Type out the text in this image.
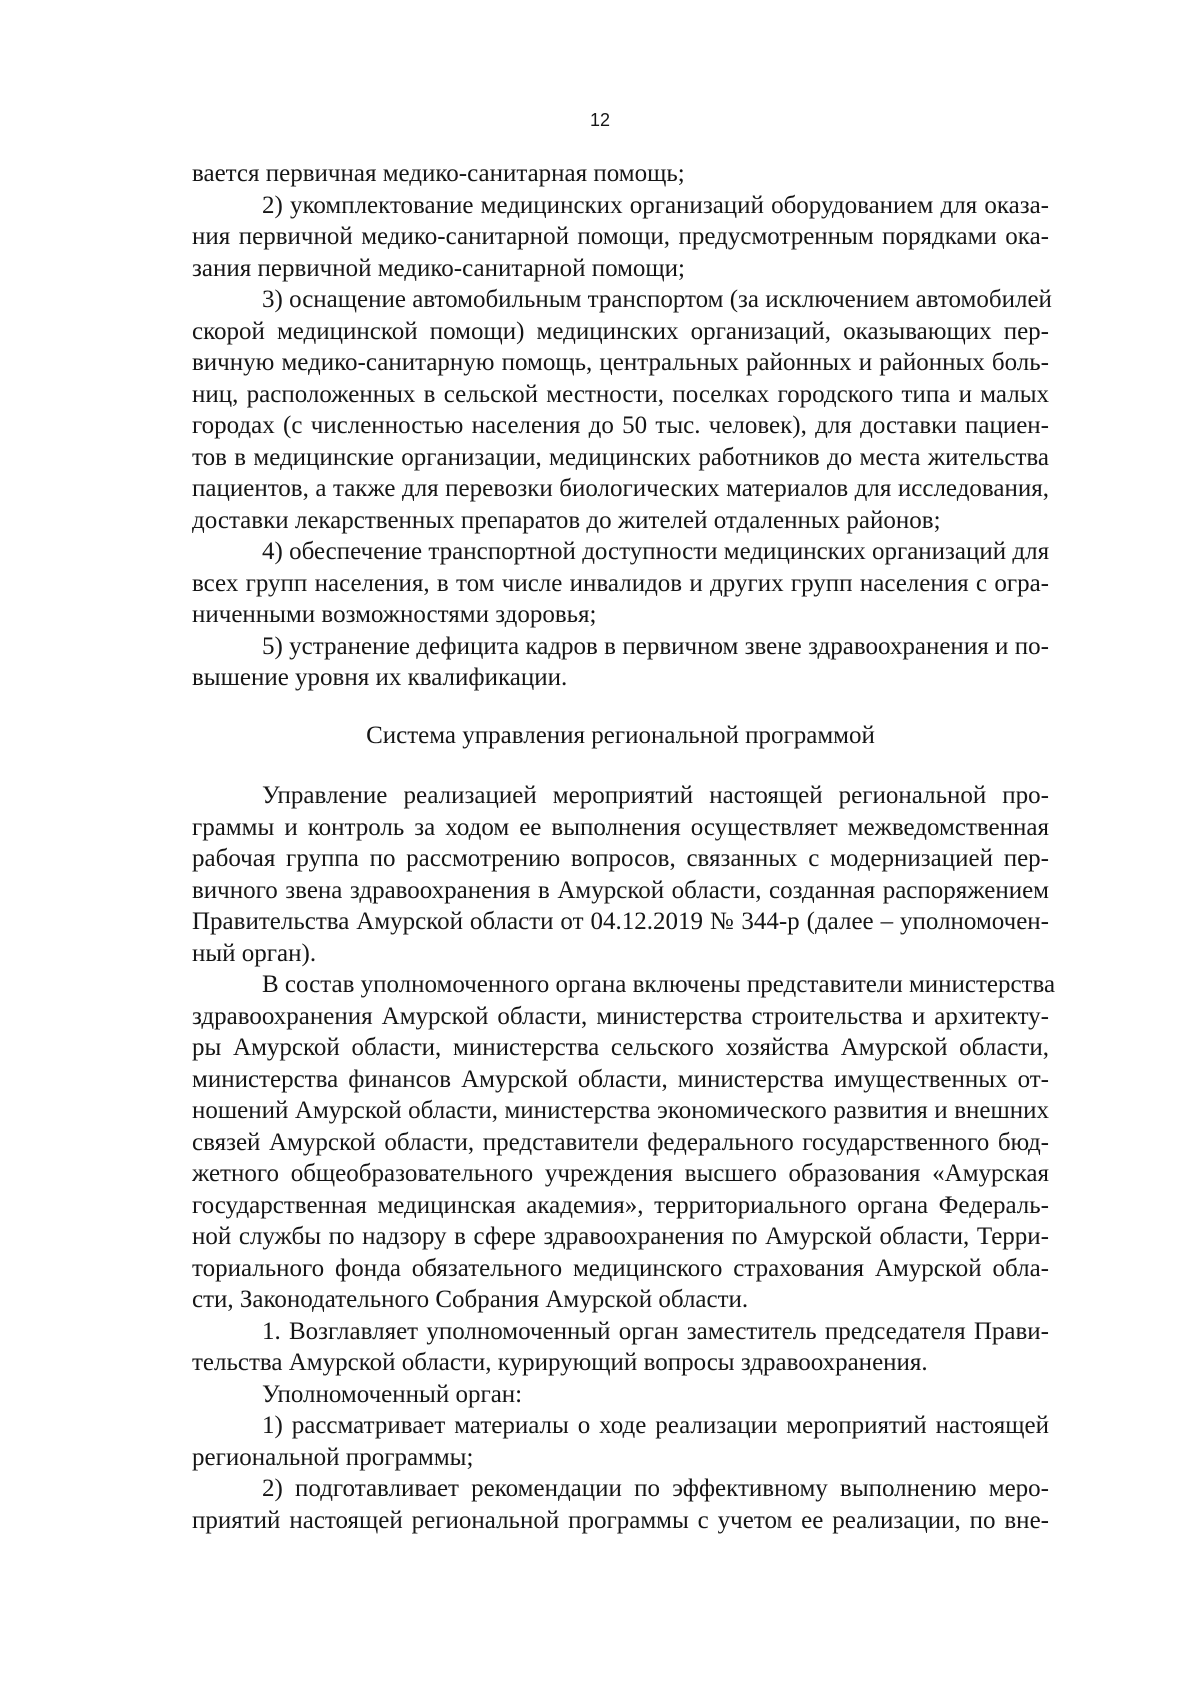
12
вается первичная медико-санитарная помощь;
2) укомплектование медицинских организаций оборудованием для оказа-
ния первичной медико-санитарной помощи, предусмотренным порядками ока-
зания первичной медико-санитарной помощи;
3) оснащение автомобильным транспортом (за исключением автомобилей
скорой медицинской помощи) медицинских организаций, оказывающих пер-
вичную медико-санитарную помощь, центральных районных и районных боль-
ниц, расположенных в сельской местности, поселках городского типа и малых
городах (с численностью населения до 50 тыс. человек), для доставки пациен-
тов в медицинские организации, медицинских работников до места жительства
пациентов, а также для перевозки биологических материалов для исследования,
доставки лекарственных препаратов до жителей отдаленных районов;
4) обеспечение транспортной доступности медицинских организаций для
всех групп населения, в том числе инвалидов и других групп населения с огра-
ниченными возможностями здоровья;
5) устранение дефицита кадров в первичном звене здравоохранения и по-
вышение уровня их квалификации.
Система управления региональной программой
Управление реализацией мероприятий настоящей региональной про-
граммы и контроль за ходом ее выполнения осуществляет межведомственная
рабочая группа по рассмотрению вопросов, связанных с модернизацией пер-
вичного звена здравоохранения в Амурской области, созданная распоряжением
Правительства Амурской области от 04.12.2019 № 344-р (далее – уполномочен-
ный орган).
В состав уполномоченного органа включены представители министерства
здравоохранения Амурской области, министерства строительства и архитекту-
ры Амурской области, министерства сельского хозяйства Амурской области,
министерства финансов Амурской области, министерства имущественных от-
ношений Амурской области, министерства экономического развития и внешних
связей Амурской области, представители федерального государственного бюд-
жетного общеобразовательного учреждения высшего образования «Амурская
государственная медицинская академия», территориального органа Федераль-
ной службы по надзору в сфере здравоохранения по Амурской области, Терри-
ториального фонда обязательного медицинского страхования Амурской обла-
сти, Законодательного Собрания Амурской области.
1. Возглавляет уполномоченный орган заместитель председателя Прави-
тельства Амурской области, курирующий вопросы здравоохранения.
Уполномоченный орган:
1) рассматривает материалы о ходе реализации мероприятий настоящей
региональной программы;
2) подготавливает рекомендации по эффективному выполнению меро-
приятий настоящей региональной программы с учетом ее реализации, по вне-
